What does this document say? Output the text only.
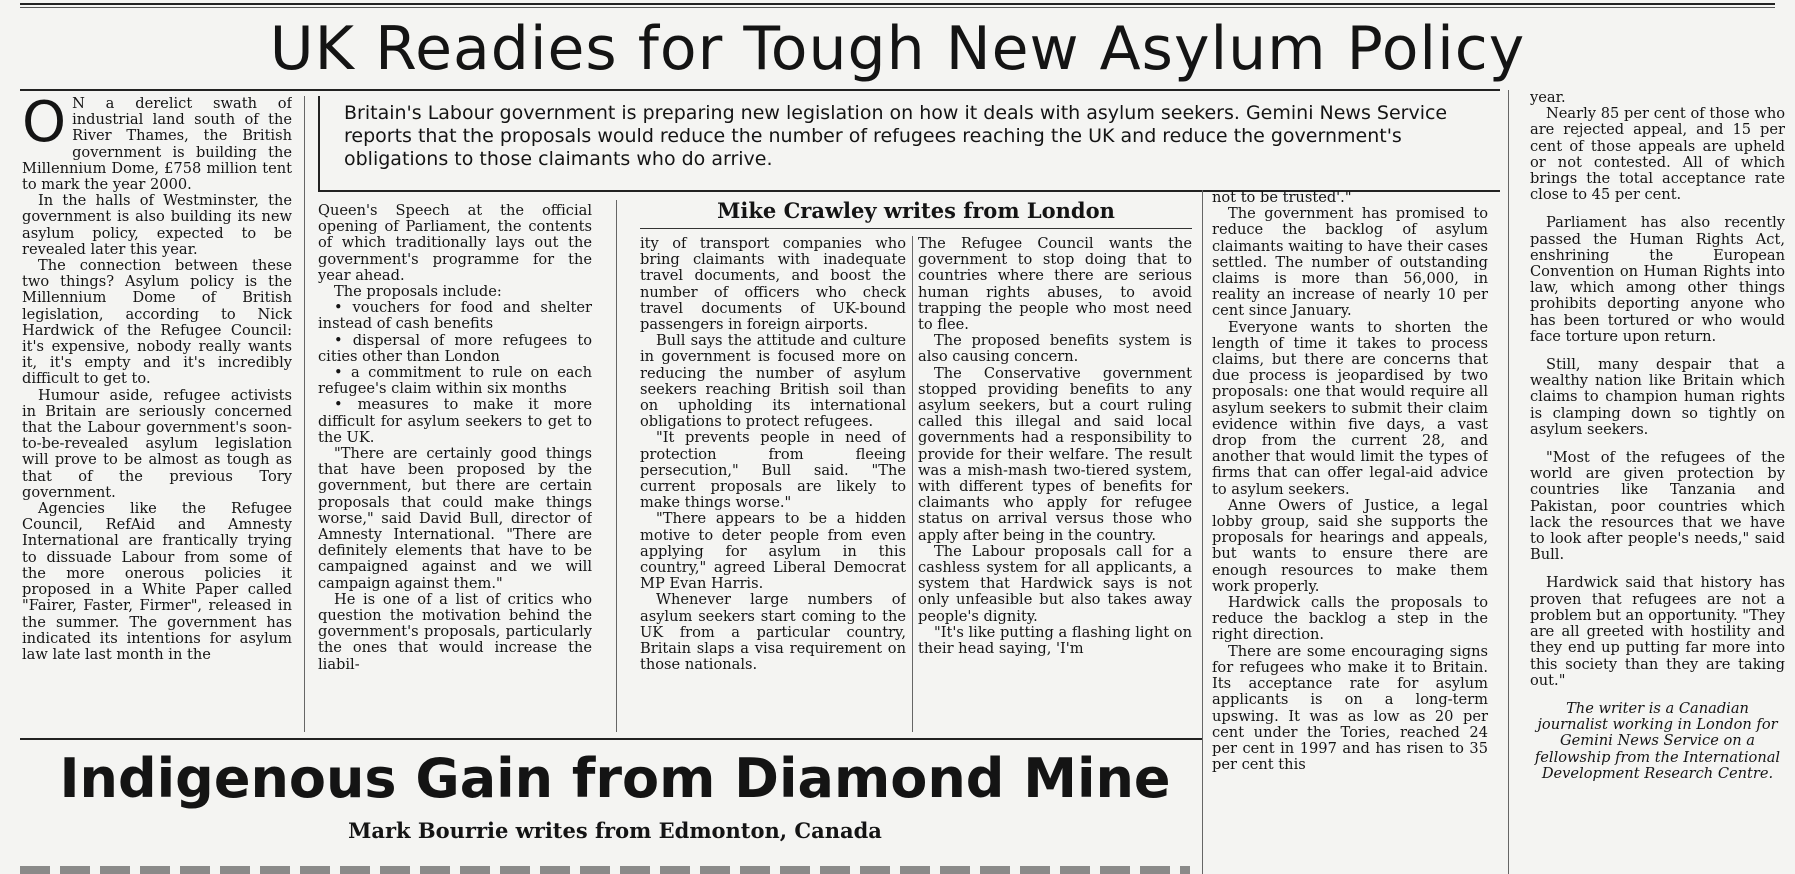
UK Readies for Tough New Asylum Policy

O N a derelict swath of industrial land south of the River Thames, the British government is building the Millennium Dome, £758 million tent to mark the year 2000.

In the halls of Westminster, the government is also building its new asylum policy, expected to be revealed later this year.

The connection between these two things? Asylum policy is the Millennium Dome of British legislation, according to Nick Hardwick of the Refugee Council: it's expensive, nobody really wants it, it's empty and it's incredibly difficult to get to.

Humour aside, refugee activists in Britain are seriously concerned that the Labour government's soon-to-be-revealed asylum legislation will prove to be almost as tough as that of the previous Tory government.

Agencies like the Refugee Council, RefAid and Amnesty International are frantically trying to dissuade Labour from some of the more onerous policies it proposed in a White Paper called "Fairer, Faster, Firmer", released in the summer. The government has indicated its intentions for asylum law late last month in the

Britain's Labour government is preparing new legislation on how it deals with asylum seekers. Gemini News Service reports that the proposals would reduce the number of refugees reaching the UK and reduce the government's obligations to those claimants who do arrive.

Queen's Speech at the official opening of Parliament, the contents of which traditionally lays out the government's programme for the year ahead.

The proposals include:

• vouchers for food and shelter instead of cash benefits

• dispersal of more refugees to cities other than London

• a commitment to rule on each refugee's claim within six months

• measures to make it more difficult for asylum seekers to get to the UK.

"There are certainly good things that have been proposed by the government, but there are certain proposals that could make things worse," said David Bull, director of Amnesty International. "There are definitely elements that have to be campaigned against and we will campaign against them."

He is one of a list of critics who question the motivation behind the government's proposals, particularly the ones that would increase the liabil-

Mike Crawley writes from London

ity of transport companies who bring claimants with inadequate travel documents, and boost the number of officers who check travel documents of UK-bound passengers in foreign airports.

Bull says the attitude and culture in government is focused more on reducing the number of asylum seekers reaching British soil than on upholding its international obligations to protect refugees.

"It prevents people in need of protection from fleeing persecution," Bull said. "The current proposals are likely to make things worse."

"There appears to be a hidden motive to deter people from even applying for asylum in this country," agreed Liberal Democrat MP Evan Harris.

Whenever large numbers of asylum seekers start coming to the UK from a particular country, Britain slaps a visa requirement on those nationals.

The Refugee Council wants the government to stop doing that to countries where there are serious human rights abuses, to avoid trapping the people who most need to flee.

The proposed benefits system is also causing concern.

The Conservative government stopped providing benefits to any asylum seekers, but a court ruling called this illegal and said local governments had a responsibility to provide for their welfare. The result was a mish-mash two-tiered system, with different types of benefits for claimants who apply for refugee status on arrival versus those who apply after being in the country.

The Labour proposals call for a cashless system for all applicants, a system that Hardwick says is not only unfeasible but also takes away people's dignity.

"It's like putting a flashing light on their head saying, 'I'm

not to be trusted'."

The government has promised to reduce the backlog of asylum claimants waiting to have their cases settled. The number of outstanding claims is more than 56,000, in reality an increase of nearly 10 per cent since January.

Everyone wants to shorten the length of time it takes to process claims, but there are concerns that due process is jeopardised by two proposals: one that would require all asylum seekers to submit their claim evidence within five days, a vast drop from the current 28, and another that would limit the types of firms that can offer legal-aid advice to asylum seekers.

Anne Owers of Justice, a legal lobby group, said she supports the proposals for hearings and appeals, but wants to ensure there are enough resources to make them work properly.

Hardwick calls the proposals to reduce the backlog a step in the right direction.

There are some encouraging signs for refugees who make it to Britain. Its acceptance rate for asylum applicants is on a long-term upswing. It was as low as 20 per cent under the Tories, reached 24 per cent in 1997 and has risen to 35 per cent this

year.

Nearly 85 per cent of those who are rejected appeal, and 15 per cent of those appeals are upheld or not contested. All of which brings the total acceptance rate close to 45 per cent.

Parliament has also recently passed the Human Rights Act, enshrining the European Convention on Human Rights into law, which among other things prohibits deporting anyone who has been tortured or who would face torture upon return.

Still, many despair that a wealthy nation like Britain which claims to champion human rights is clamping down so tightly on asylum seekers.

"Most of the refugees of the world are given protection by countries like Tanzania and Pakistan, poor countries which lack the resources that we have to look after people's needs," said Bull.

Hardwick said that history has proven that refugees are not a problem but an opportunity. "They are all greeted with hostility and they end up putting far more into this society than they are taking out."

The writer is a Canadian journalist working in London for Gemini News Service on a fellowship from the International Development Research Centre.

Indigenous Gain from Diamond Mine
Mark Bourrie writes from Edmonton, Canada
